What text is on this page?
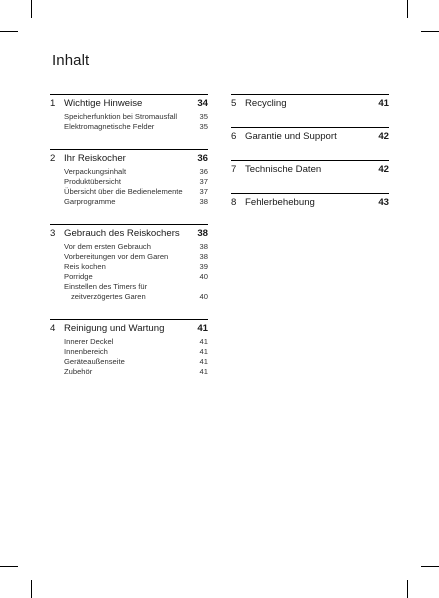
Inhalt
1 Wichtige Hinweise	34
Speicherfunktion bei Stromausfall	35
Elektromagnetische Felder	35
2 Ihr Reiskocher	36
Verpackungsinhalt	36
Produktübersicht	37
Übersicht über die Bedienelemente	37
Garprogramme	38
3 Gebrauch des Reiskochers	38
Vor dem ersten Gebrauch	38
Vorbereitungen vor dem Garen	38
Reis kochen	39
Porridge	40
Einstellen des Timers für
zeitverzögertes Garen	40
4 Reinigung und Wartung	41
Innerer Deckel	41
Innenbereich	41
Geräteaußenseite	41
Zubehör	41
5 Recycling	41
6 Garantie und Support	42
7 Technische Daten	42
8 Fehlerbehebung	43
